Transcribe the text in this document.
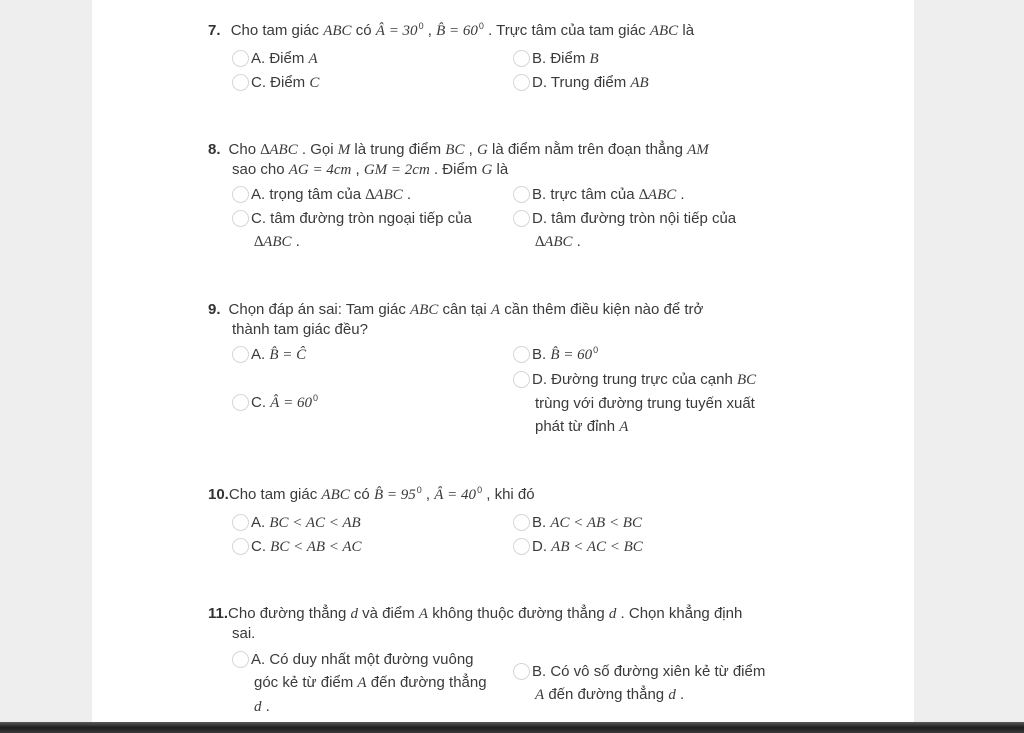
7. Cho tam giác ABC có Â = $30^0$ , B̂ = $60^0$ . Trực tâm của tam giác ABC là
A. Điểm A	B. Điểm B
C. Điểm C	D. Trung điểm AB
8. Cho ∆ABC . Gọi M là trung điểm BC , G là điểm nằm trên đoạn thẳng AM
sao cho AG = 4cm , GM = 2cm . Điểm G là
A. trọng tâm của ∆ABC .	B. trực tâm của ∆ABC .
C. tâm đường tròn ngoại tiếp của
∆ABC .
D. tâm đường tròn nội tiếp của
∆ABC .
9. Chọn đáp án sai: Tam giác ABC cân tại A cần thêm điều kiện nào để trở
thành tam giác đều?
A. B̂ = Ĉ	B. B̂ = $60^0$
C. Â = $60^0$
D. Đường trung trực của cạnh BC
trùng với đường trung tuyến xuất
phát từ đỉnh A
10.Cho tam giác ABC có B̂ = $95^0$ , Â = $40^0$ , khi đó
A. BC < AC < AB	B. AC < AB < BC
C. BC < AB < AC	D. AB < AC < BC
11.Cho đường thẳng d và điểm A không thuộc đường thẳng d . Chọn khẳng định
sai.
A. Có duy nhất một đường vuông
góc kẻ từ điểm A đến đường thẳng
d .
B. Có vô số đường xiên kẻ từ điểm
A đến đường thẳng d .
